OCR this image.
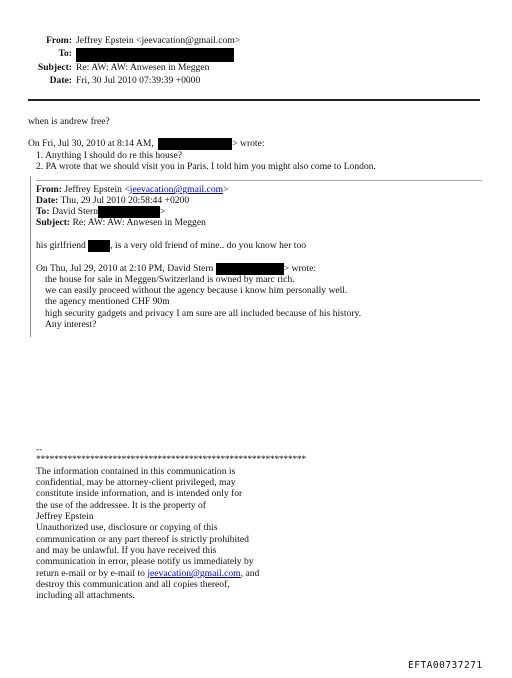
From: Jeffrey Epstein <jeevacation@gmail.com>
To:
Subject: Re: AW: AW: Anwesen in Meggen
Date: Fri, 30 Jul 2010 07:39:39 +0000
when is andrew free?
On Fri, Jul 30, 2010 at 8:14 AM,	> wrote:
1. Anything I should do re this house?
2. PA wrote that we should visit you in Paris. I told him you might also come to London.
From: Jeffrey Epstein <jeevacation@gmail.com>
Date: Thu, 29 Jul 2010 20:58:44 +0200
To: David Stern	>
Subject: Re: AW: AW: Anwesen in Meggen
his girlfriend	, is a very old friend of mine.. do you know her too
On Thu, Jul 29, 2010 at 2:10 PM, David Stern	> wrote:
the house for sale in Meggen/Switzerland is owned by marc rich.
we can easily proceed without the agency because i know him personally well.
the agency mentioned CHF 90m
high security gadgets and privacy I am sure are all included because of his history.
Any interest?
--
************************************************************
The information contained in this communication is
confidential, may be attorney-client privileged, may
constitute inside information, and is intended only for
the use of the addressee. It is the property of
Jeffrey Epstein
Unauthorized use, disclosure or copying of this
communication or any part thereof is strictly prohibited
and may be unlawful. If you have received this
communication in error, please notify us immediately by
return e-mail or by e-mail to jeevacation@gmail.com, and
destroy this communication and all copies thereof,
including all attachments.
EFTA00737271
